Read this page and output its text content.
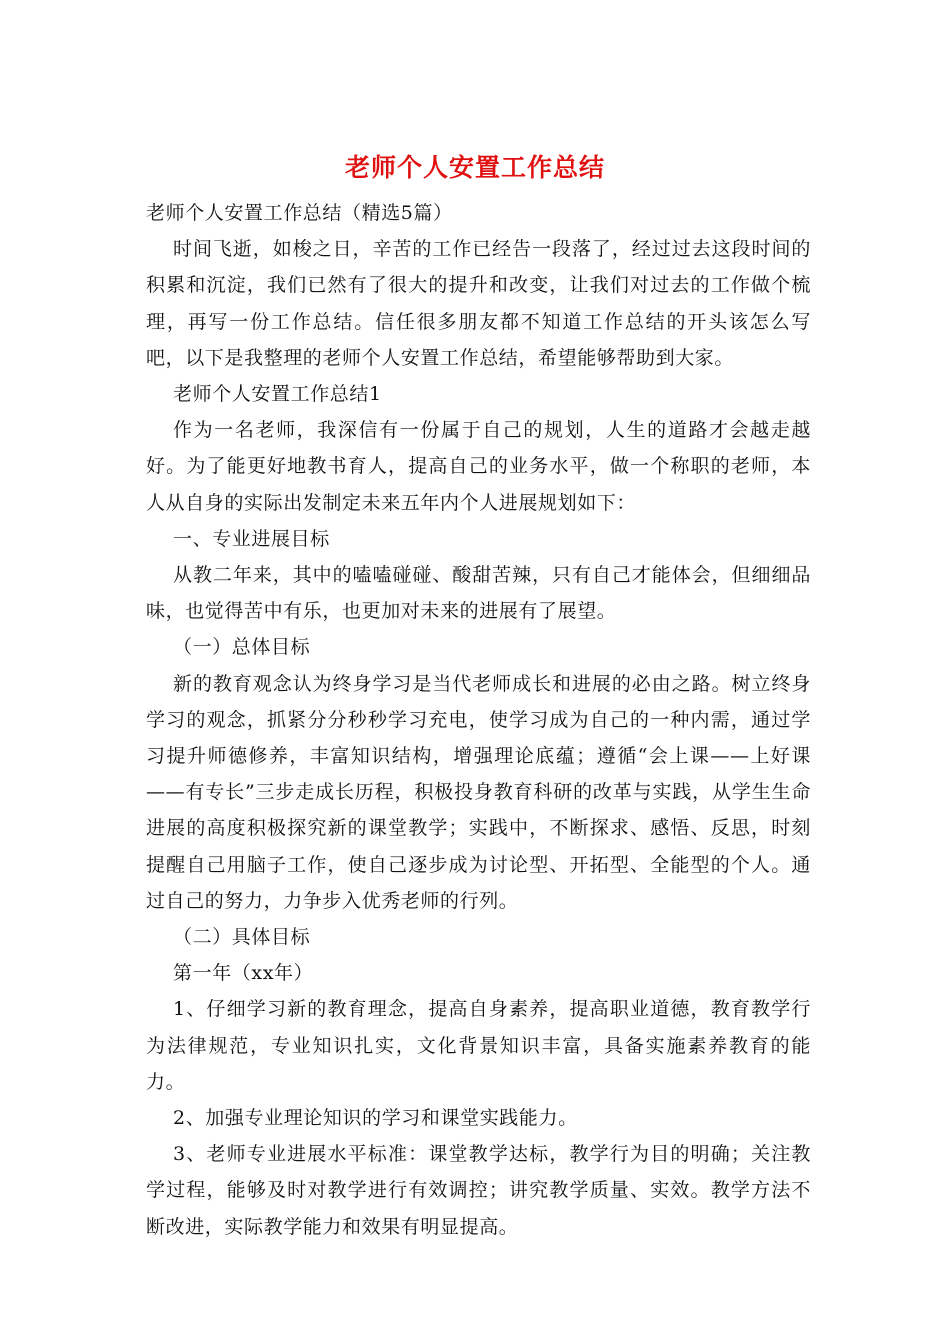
老师个人安置工作总结

老师个人安置工作总结（精选5篇）

时间飞逝，如梭之日，辛苦的工作已经告一段落了，经过过去这段时间的积累和沉淀，我们已然有了很大的提升和改变，让我们对过去的工作做个梳理，再写一份工作总结。信任很多朋友都不知道工作总结的开头该怎么写吧，以下是我整理的老师个人安置工作总结，希望能够帮助到大家。

老师个人安置工作总结1

作为一名老师，我深信有一份属于自己的规划，人生的道路才会越走越好。为了能更好地教书育人，提高自己的业务水平，做一个称职的老师，本人从自身的实际出发制定未来五年内个人进展规划如下：

一、专业进展目标

从教二年来，其中的嗑嗑碰碰、酸甜苦辣，只有自己才能体会，但细细品味，也觉得苦中有乐，也更加对未来的进展有了展望。

（一）总体目标

新的教育观念认为终身学习是当代老师成长和进展的必由之路。树立终身学习的观念，抓紧分分秒秒学习充电，使学习成为自己的一种内需，通过学习提升师德修养，丰富知识结构，增强理论底蕴；遵循“会上课——上好课——有专长”三步走成长历程，积极投身教育科研的改革与实践，从学生生命进展的高度积极探究新的课堂教学；实践中，不断探求、感悟、反思，时刻提醒自己用脑子工作，使自己逐步成为讨论型、开拓型、全能型的个人。通过自己的努力，力争步入优秀老师的行列。

（二）具体目标

第一年（xx年）

1、仔细学习新的教育理念，提高自身素养，提高职业道德，教育教学行为法律规范，专业知识扎实，文化背景知识丰富，具备实施素养教育的能力。

2、加强专业理论知识的学习和课堂实践能力。

3、老师专业进展水平标准：课堂教学达标，教学行为目的明确；关注教学过程，能够及时对教学进行有效调控；讲究教学质量、实效。教学方法不断改进，实际教学能力和效果有明显提高。
